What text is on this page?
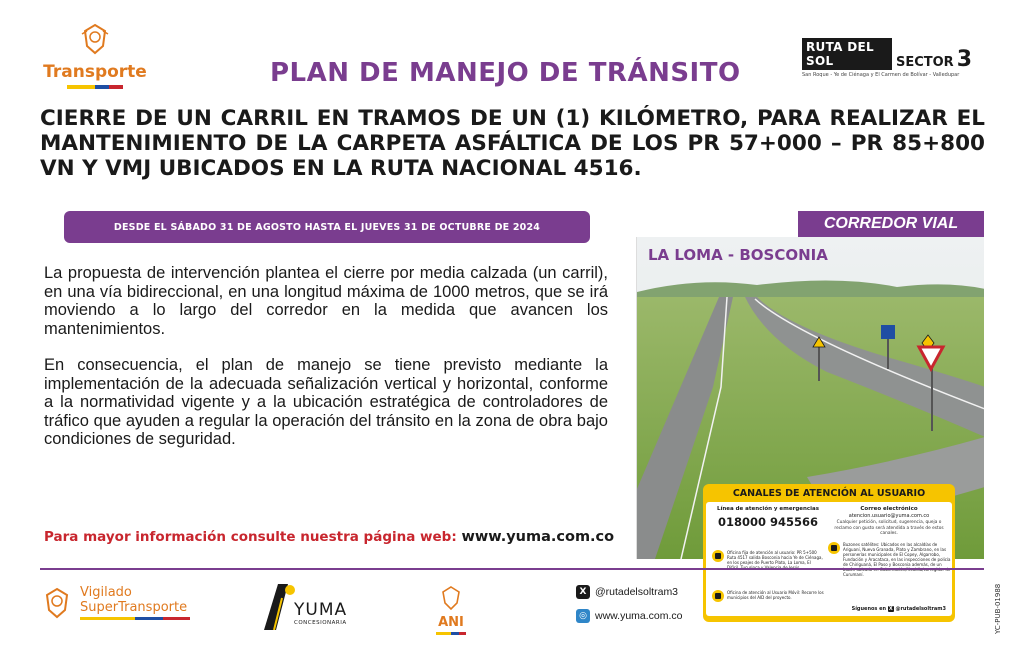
Transporte	PLAN DE MANEJO DE TRÁNSITO
RUTA DEL SOL	SECTOR 3
San Roque - Ye de Ciénaga y El Carmen de Bolívar - Valledupar
CIERRE DE UN CARRIL EN TRAMOS DE UN (1) KILÓMETRO, PARA REALIZAR EL MANTENIMIENTO DE LA CARPETA ASFÁLTICA DE LOS PR 57+000 – PR 85+800 VN Y VMJ UBICADOS EN LA RUTA NACIONAL 4516.
DESDE EL SÁBADO 31 DE AGOSTO HASTA EL JUEVES 31 DE OCTUBRE DE 2024

La propuesta de intervención plantea el cierre por media calzada (un carril), en una vía bidireccional, en una longitud máxima de 1000 metros, que se irá moviendo a lo largo del corredor en la medida que avancen los mantenimientos.

En consecuencia, el plan de manejo se tiene previsto mediante la implementación de la adecuada señalización vertical y horizontal, conforme a la normatividad vigente y a la ubicación estratégica de controladores de tráfico que ayuden a regular la operación del tránsito en la zona de obra bajo condiciones de seguridad.

Para mayor información consulte nuestra página web: www.yuma.com.co
CORREDOR VIAL
LA LOMA - BOSCONIA
CANALES DE ATENCIÓN AL USUARIO
Línea de atención y emergencias
018000 945566
Correo electrónico
atencion.usuario@yuma.com.co
Cualquier petición, solicitud, sugerencia, queja o reclamo con gusto será atendida a través de estos canales.
Oficina fija de atención al usuario: PR 5+500 Ruta 4517 salida Bosconia hacia Ye de Ciénaga, en los peajes de Puerto Plato, La Loma, El
Buzones satélites: Ubicados en las alcaldías de Ariguaní, Nueva Granada, Plato y Zambrano, en las personerías municipales de El Copey, Algarrobo, Fundación y Aracataca, en las inspecciones de policía de Chiriguaná, El Paso y Bosconia además, de un Curumaní.
Oficina de atención al Usuario Móvil: Recorre los municipios del AID del proyecto.
Síguenos en X @rutadelsoltram3
Vigilado
SuperTransporte	YUMA
CONCESIONARIA	ANI
X @rutadelsoltram3
◎ www.yuma.com.co	YC-PUB-01988
